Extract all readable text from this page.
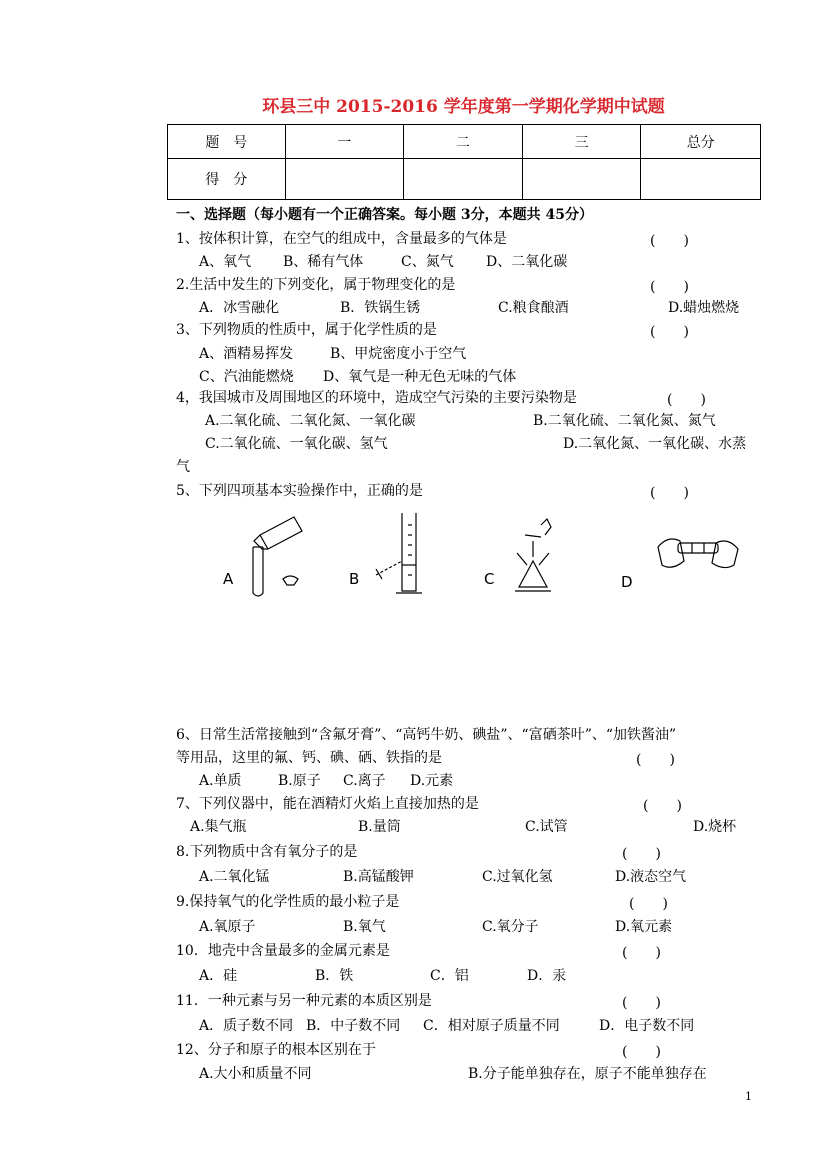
环县三中 2015-2016 学年度第一学期化学期中试题
题　号	一	二	三	总分
得　分				
一、选择题（每小题有一个正确答案。每小题 3分，本题共 45分）
1、按体积计算，在空气的组成中，含量最多的气体是	(　　)
A、氧气 B、稀有气体	C、氮气 D、二氧化碳
2.生活中发生的下列变化，属于物理变化的是	(　　)
A．冰雪融化	B．铁锅生锈	C.粮食酿酒	D.蜡烛燃烧
3、下列物质的性质中，属于化学性质的是	(　　)
A、酒精易挥发	B、甲烷密度小于空气
C、汽油能燃烧 D、氧气是一种无色无味的气体
4，我国城市及周围地区的环境中，造成空气污染的主要污染物是	(　　)
A.二氧化硫、二氧化氮、一氧化碳	B.二氧化硫、二氧化氮、氮气
C.二氧化硫、一氧化碳、氢气	D.二氧化氮、一氧化碳、水蒸
气
5、下列四项基本实验操作中，正确的是	(　　)
A	B	C	D
6、日常生活常接触到“含氟牙膏”、“高钙牛奶、碘盐”、“富硒茶叶”、“加铁酱油”
等用品，这里的氟、钙、碘、硒、铁指的是	(　　)
A.单质	B.原子 C.离子 D.元素
7、下列仪器中，能在酒精灯火焰上直接加热的是	(　　)
A.集气瓶	B.量筒	C.试管	D.烧杯
8.下列物质中含有氧分子的是	(　　)
A.二氧化锰	B.高锰酸钾	C.过氧化氢	D.液态空气
9.保持氧气的化学性质的最小粒子是	(　　)
A.氧原子	B.氧气	C.氧分子	D.氧元素
10．地壳中含量最多的金属元素是	(　　)
A．硅	B．铁	C．铝	D．汞
11．一种元素与另一种元素的本质区别是	(　　)
A．质子数不同 B．中子数不同 C．相对原子质量不同	D．电子数不同
12、分子和原子的根本区别在于	(　　)
A.大小和质量不同	B.分子能单独存在，原子不能单独存在
1
